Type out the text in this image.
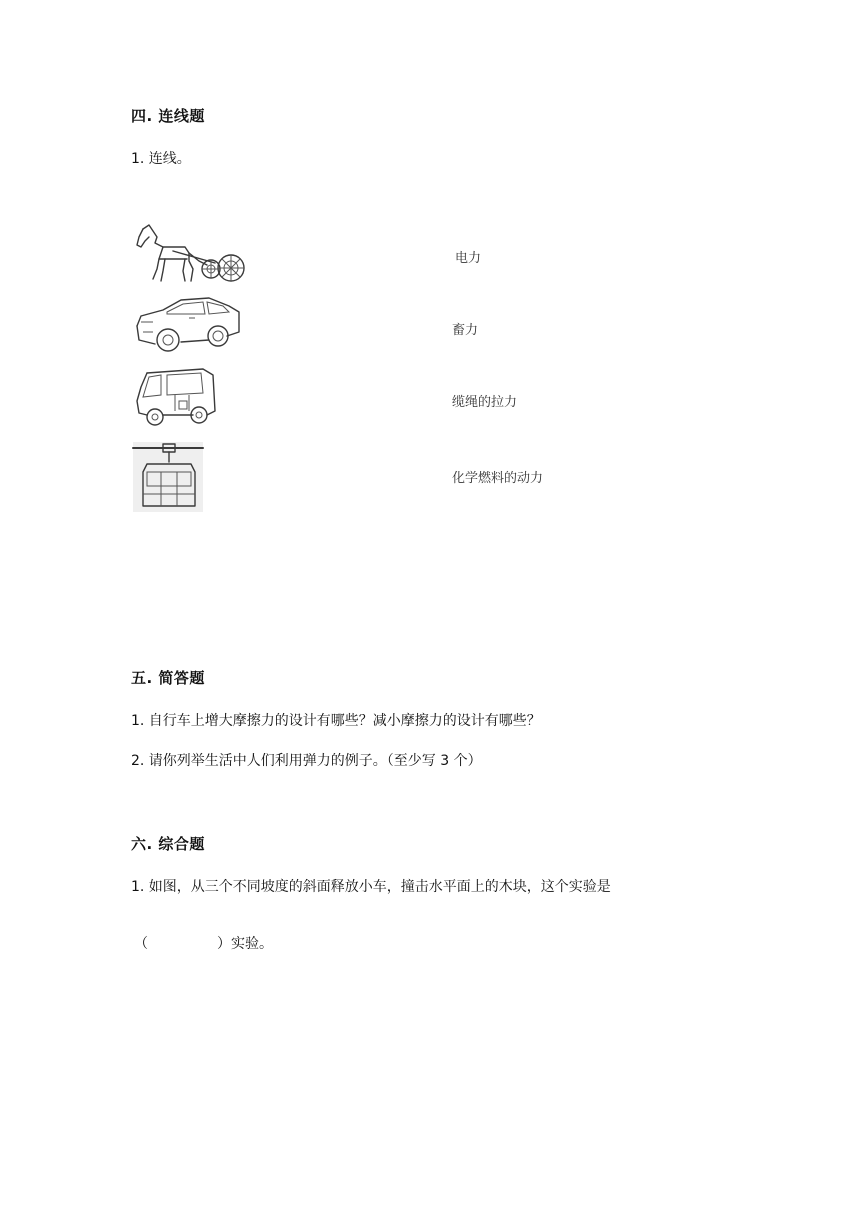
四. 连线题
1. 连线。
电力
畜力
缆绳的拉力
化学燃料的动力
五. 简答题
1. 自行车上增大摩擦力的设计有哪些？减小摩擦力的设计有哪些？
2. 请你列举生活中人们利用弹力的例子。（至少写 3 个）
六. 综合题
1. 如图，从三个不同坡度的斜面释放小车，撞击水平面上的木块，这个实验是
（	）实验。
